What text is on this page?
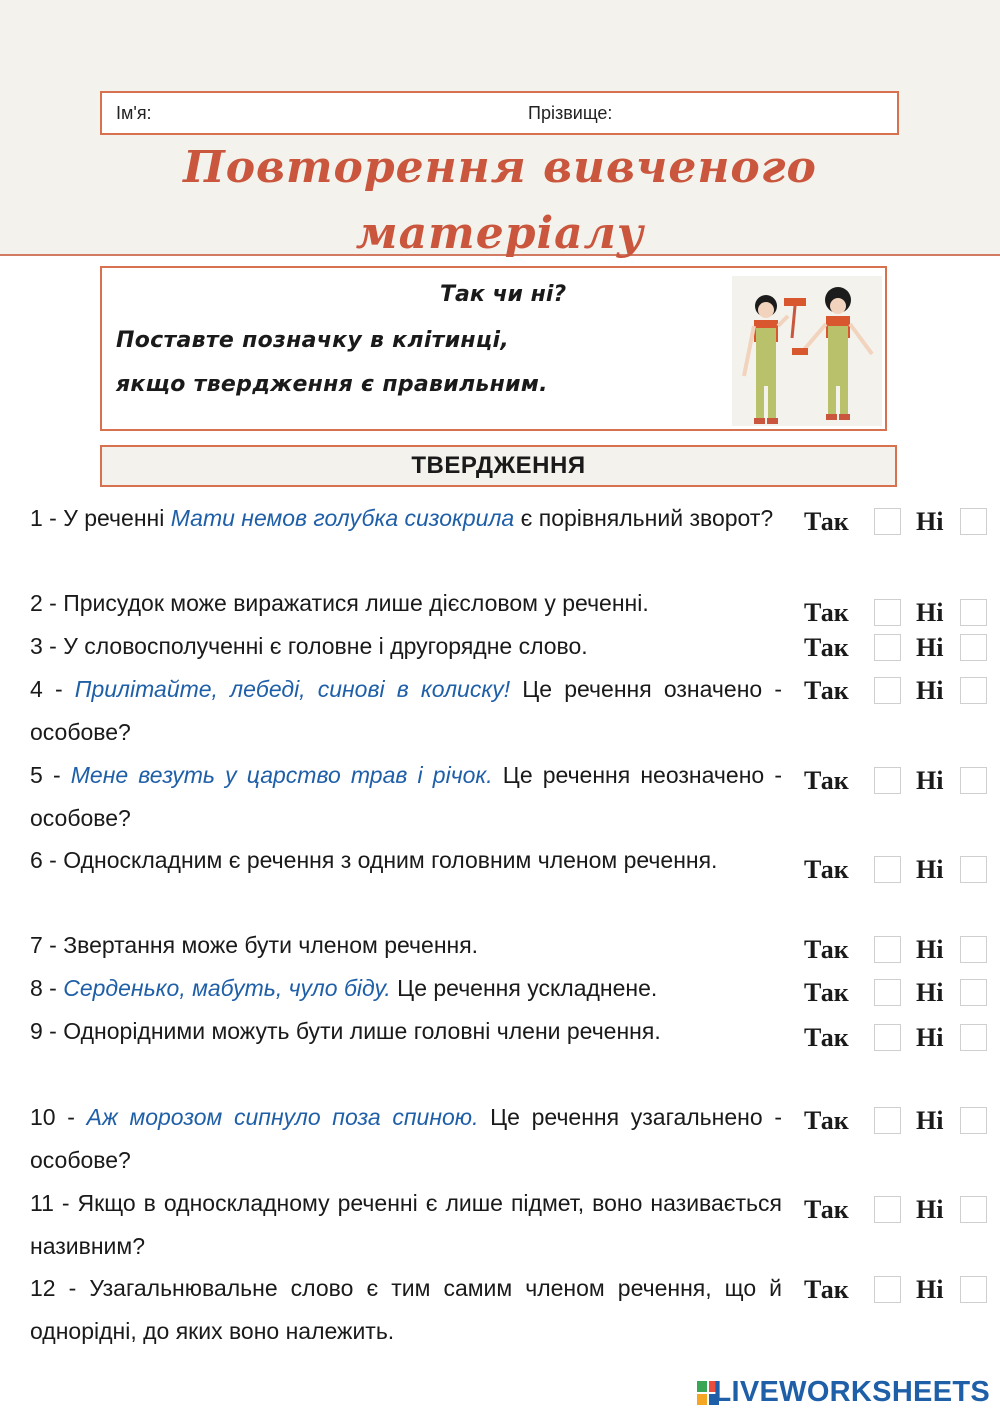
Ім'я:	Прізвище:
Повторення вивченого
матеріалу
Так чи ні?
Поставте позначку в клітинці,
якщо твердження є правильним.
ТВЕРДЖЕННЯ
1 - У реченні Мати немов голубка сизокрила є порівняльний зворот?	Так	Ні
2 - Присудок може виражатися лише дієсловом у реченні.	Так	Ні
3 - У словосполученні є головне і другорядне слово.	Так	Ні
4 - Прилітайте, лебеді, синові в колиску! Це речення означено - особове?
Так	Ні
5 - Мене везуть у царство трав і річок. Це речення неозначено - особове?
Так	Ні
6 - Односкладним є речення з одним головним членом речення.	Так	Ні
7 - Звертання може бути членом речення.	Так	Ні
8 - Серденько, мабуть, чуло біду. Це речення ускладнене.	Так	Ні
9 - Однорідними можуть бути лише головні члени речення.	Так	Ні
10 - Аж морозом сипнуло поза спиною. Це речення узагальнено - особове?
Так	Ні
11 - Якщо в односкладному реченні є лише підмет, воно називається називним?
Так	Ні
12 - Узагальнювальне слово є тим самим членом речення, що й однорідні, до яких воно належить.
Так	Ні
LIVEWORKSHEETS
